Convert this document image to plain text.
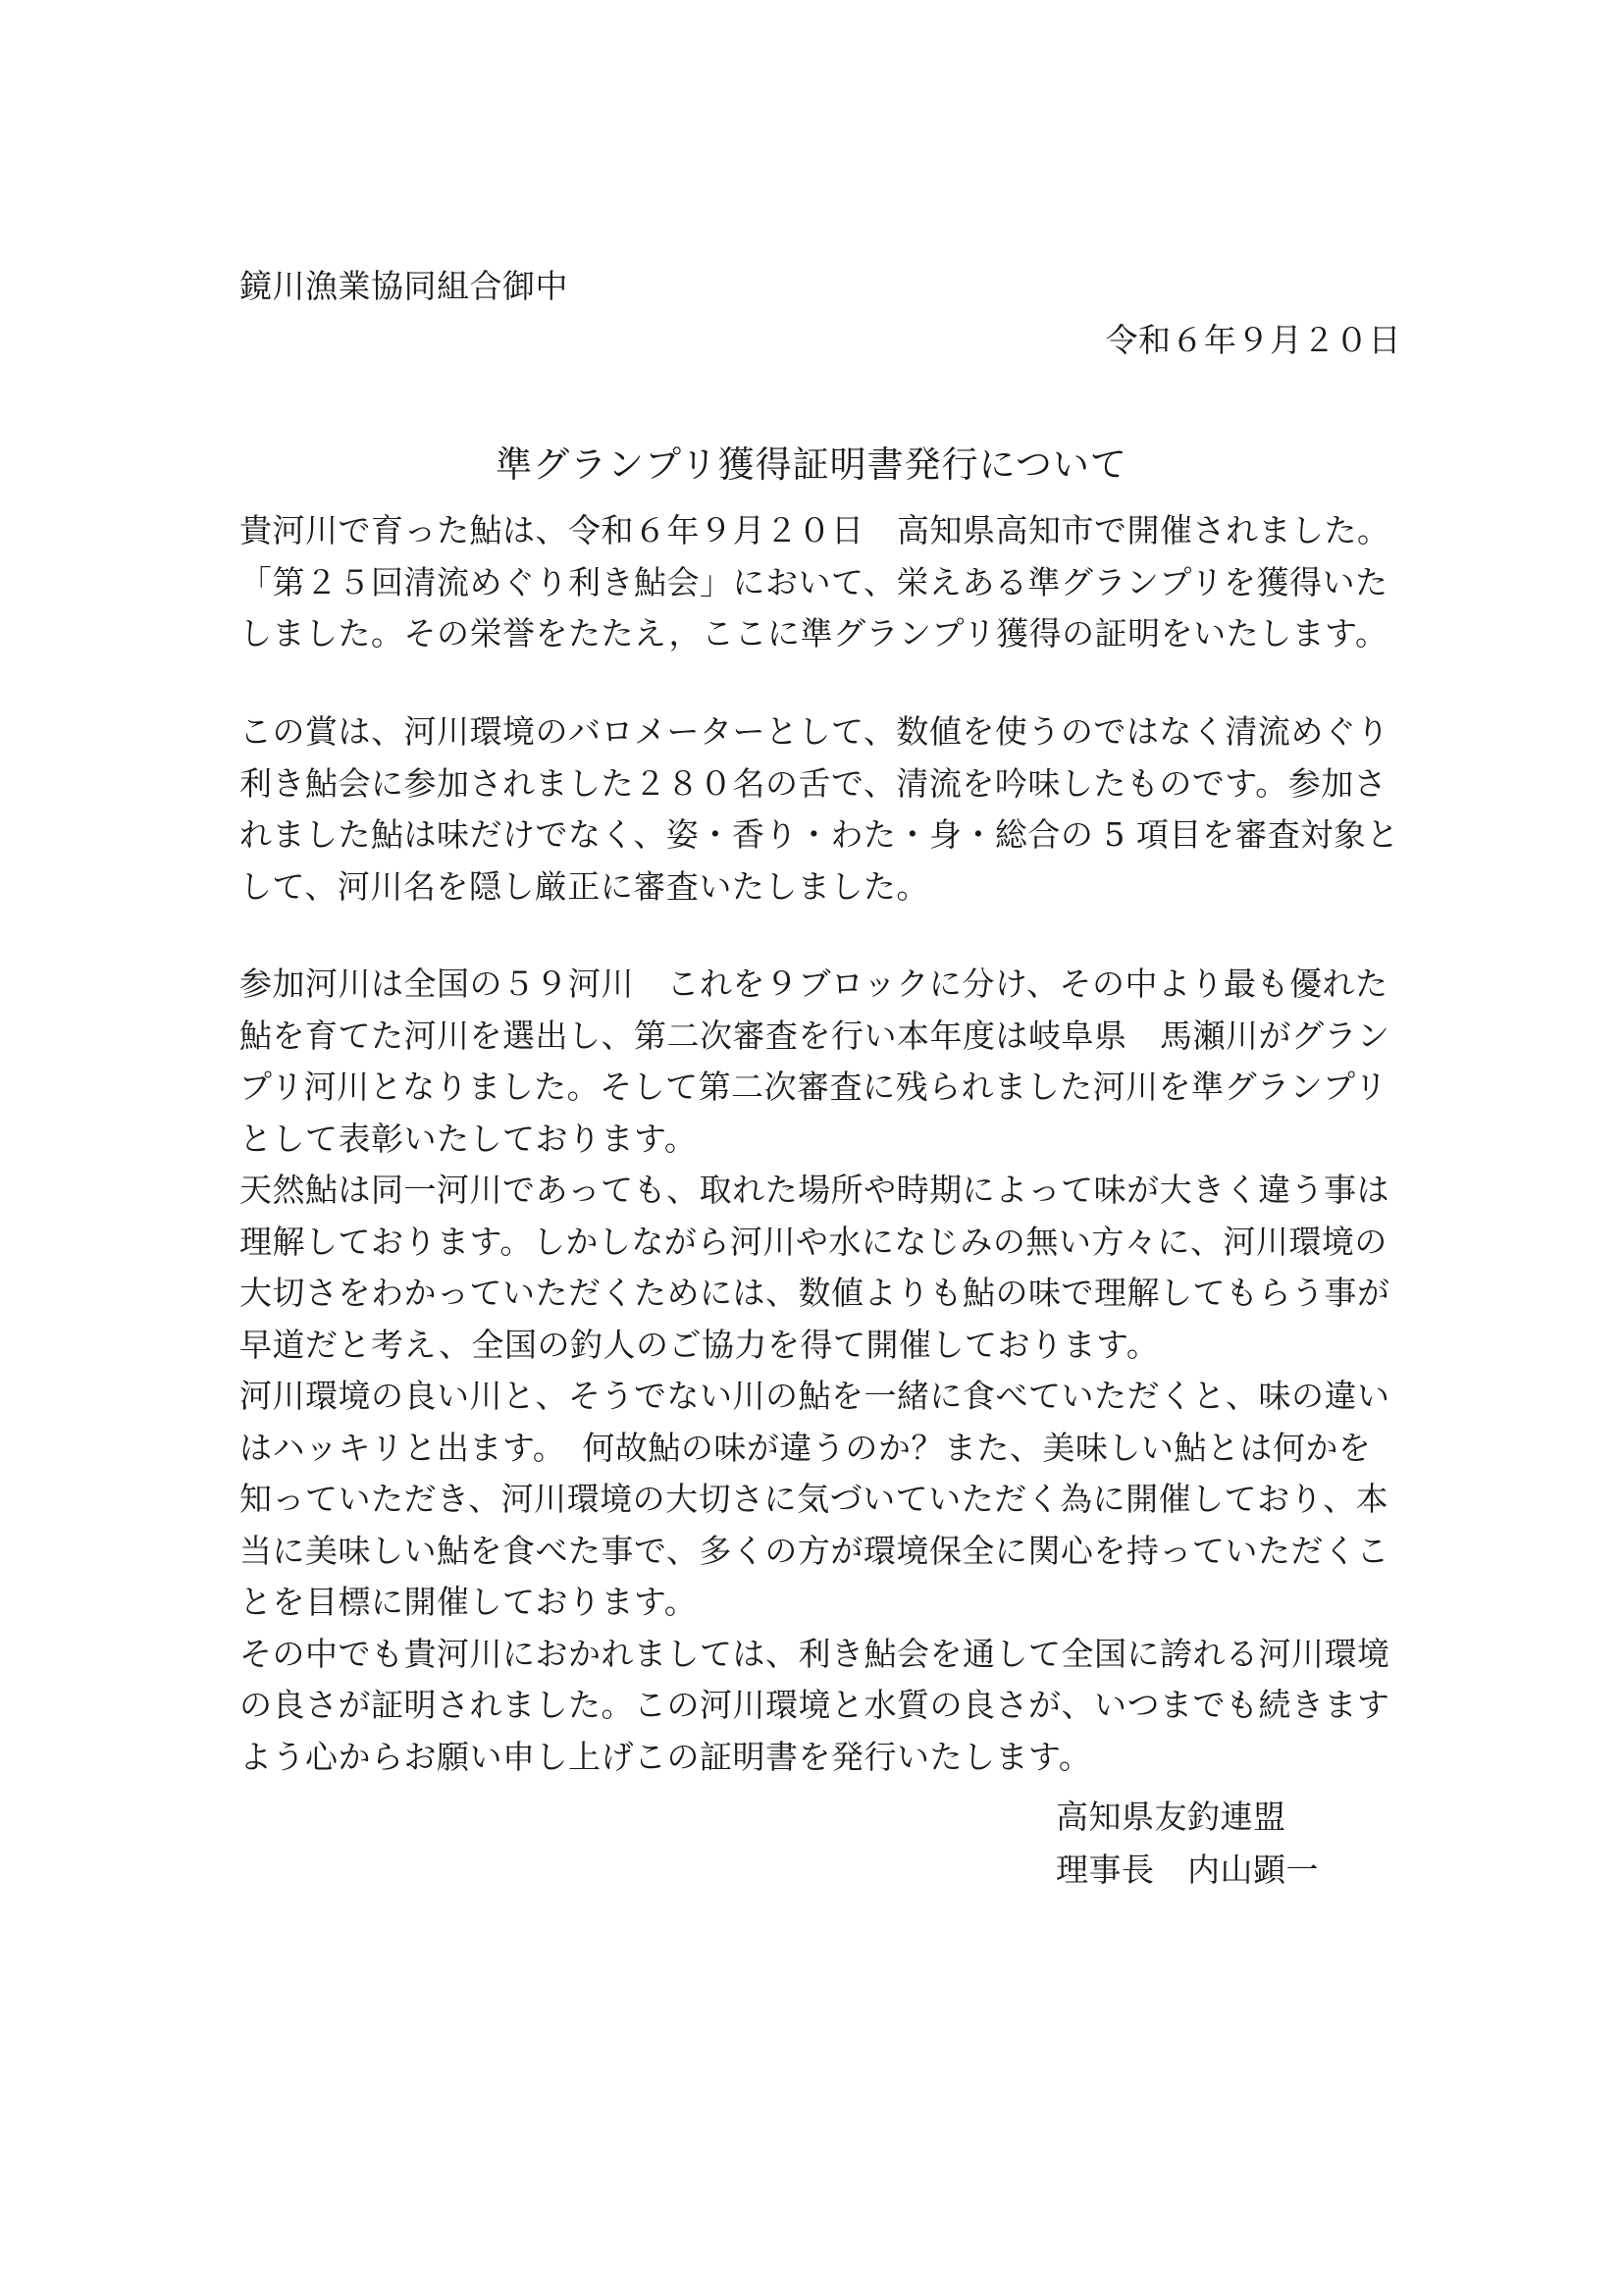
鏡川漁業協同組合御中
令和６年９月２０日
準グランプリ獲得証明書発行について
貴河川で育った鮎は、令和６年９月２０日　高知県高知市で開催されました。
「第２５回清流めぐり利き鮎会」において、栄えある準グランプリを獲得いた
しました。その栄誉をたたえ，ここに準グランプリ獲得の証明をいたします。
この賞は、河川環境のバロメーターとして、数値を使うのではなく清流めぐり
利き鮎会に参加されました２８０名の舌で、清流を吟味したものです。参加さ
れました鮎は味だけでなく、姿・香り・わた・身・総合の 5 項目を審査対象と
して、河川名を隠し厳正に審査いたしました。
参加河川は全国の５９河川　これを９ブロックに分け、その中より最も優れた
鮎を育てた河川を選出し、第二次審査を行い本年度は岐阜県　馬瀬川がグラン
プリ河川となりました。そして第二次審査に残られました河川を準グランプリ
として表彰いたしております。
天然鮎は同一河川であっても、取れた場所や時期によって味が大きく違う事は
理解しております。しかしながら河川や水になじみの無い方々に、河川環境の
大切さをわかっていただくためには、数値よりも鮎の味で理解してもらう事が
早道だと考え、全国の釣人のご協力を得て開催しております。
河川環境の良い川と、そうでない川の鮎を一緒に食べていただくと、味の違い
はハッキリと出ます。　何故鮎の味が違うのか？また、美味しい鮎とは何かを
知っていただき、河川環境の大切さに気づいていただく為に開催しており、本
当に美味しい鮎を食べた事で、多くの方が環境保全に関心を持っていただくこ
とを目標に開催しております。
その中でも貴河川におかれましては、利き鮎会を通して全国に誇れる河川環境
の良さが証明されました。この河川環境と水質の良さが、いつまでも続きます
よう心からお願い申し上げこの証明書を発行いたします。
高知県友釣連盟
理事長　内山顕一
